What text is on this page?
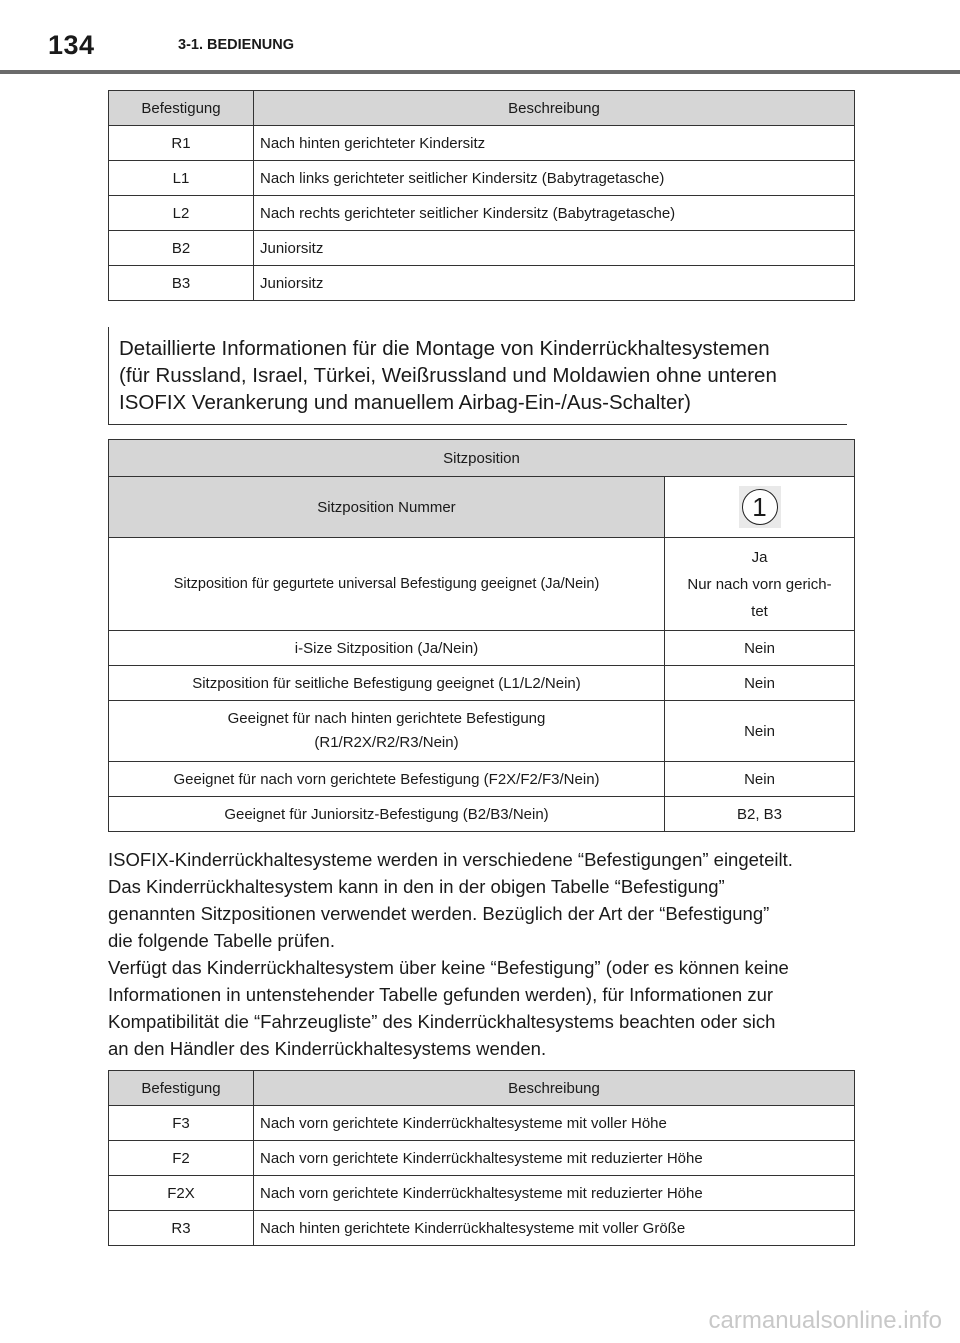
134	3-1. BEDIENUNG
Befestigung	Beschreibung
R1	Nach hinten gerichteter Kindersitz
L1	Nach links gerichteter seitlicher Kindersitz (Babytragetasche)
L2	Nach rechts gerichteter seitlicher Kindersitz (Babytragetasche)
B2	Juniorsitz
B3	Juniorsitz
Detaillierte Informationen für die Montage von Kinderrückhaltesystemen
(für Russland, Israel, Türkei, Weißrussland und Moldawien ohne unteren
ISOFIX Verankerung und manuellem Airbag-Ein-/Aus-Schalter)
Sitzposition	
Sitzposition Nummer	1

Sitzposition für gegurtete universal Befestigung geeignet (Ja/Nein)	Ja
Nur nach vorn gerich-
tet

i-Size Sitzposition (Ja/Nein)	Nein
Sitzposition für seitliche Befestigung geeignet (L1/L2/Nein)	Nein

Geeignet für nach hinten gerichtete Befestigung
(R1/R2X/R2/R3/Nein)	Nein
Geeignet für nach vorn gerichtete Befestigung (F2X/F2/F3/Nein)	Nein
Geeignet für Juniorsitz-Befestigung (B2/B3/Nein)	B2, B3

ISOFIX-Kinderrückhaltesysteme werden in verschiedene “Befestigungen” eingeteilt.

Das Kinderrückhaltesystem kann in den in der obigen Tabelle “Befestigung”

genannten Sitzpositionen verwendet werden. Bezüglich der Art der “Befestigung”

die folgende Tabelle prüfen.

Verfügt das Kinderrückhaltesystem über keine “Befestigung” (oder es können keine

Informationen in untenstehender Tabelle gefunden werden), für Informationen zur

Kompatibilität die “Fahrzeugliste” des Kinderrückhaltesystems beachten oder sich

an den Händler des Kinderrückhaltesystems wenden.

Befestigung	Beschreibung
F3	Nach vorn gerichtete Kinderrückhaltesysteme mit voller Höhe
F2	Nach vorn gerichtete Kinderrückhaltesysteme mit reduzierter Höhe
F2X	Nach vorn gerichtete Kinderrückhaltesysteme mit reduzierter Höhe
R3	Nach hinten gerichtete Kinderrückhaltesysteme mit voller Größe
carmanualsonline.info
